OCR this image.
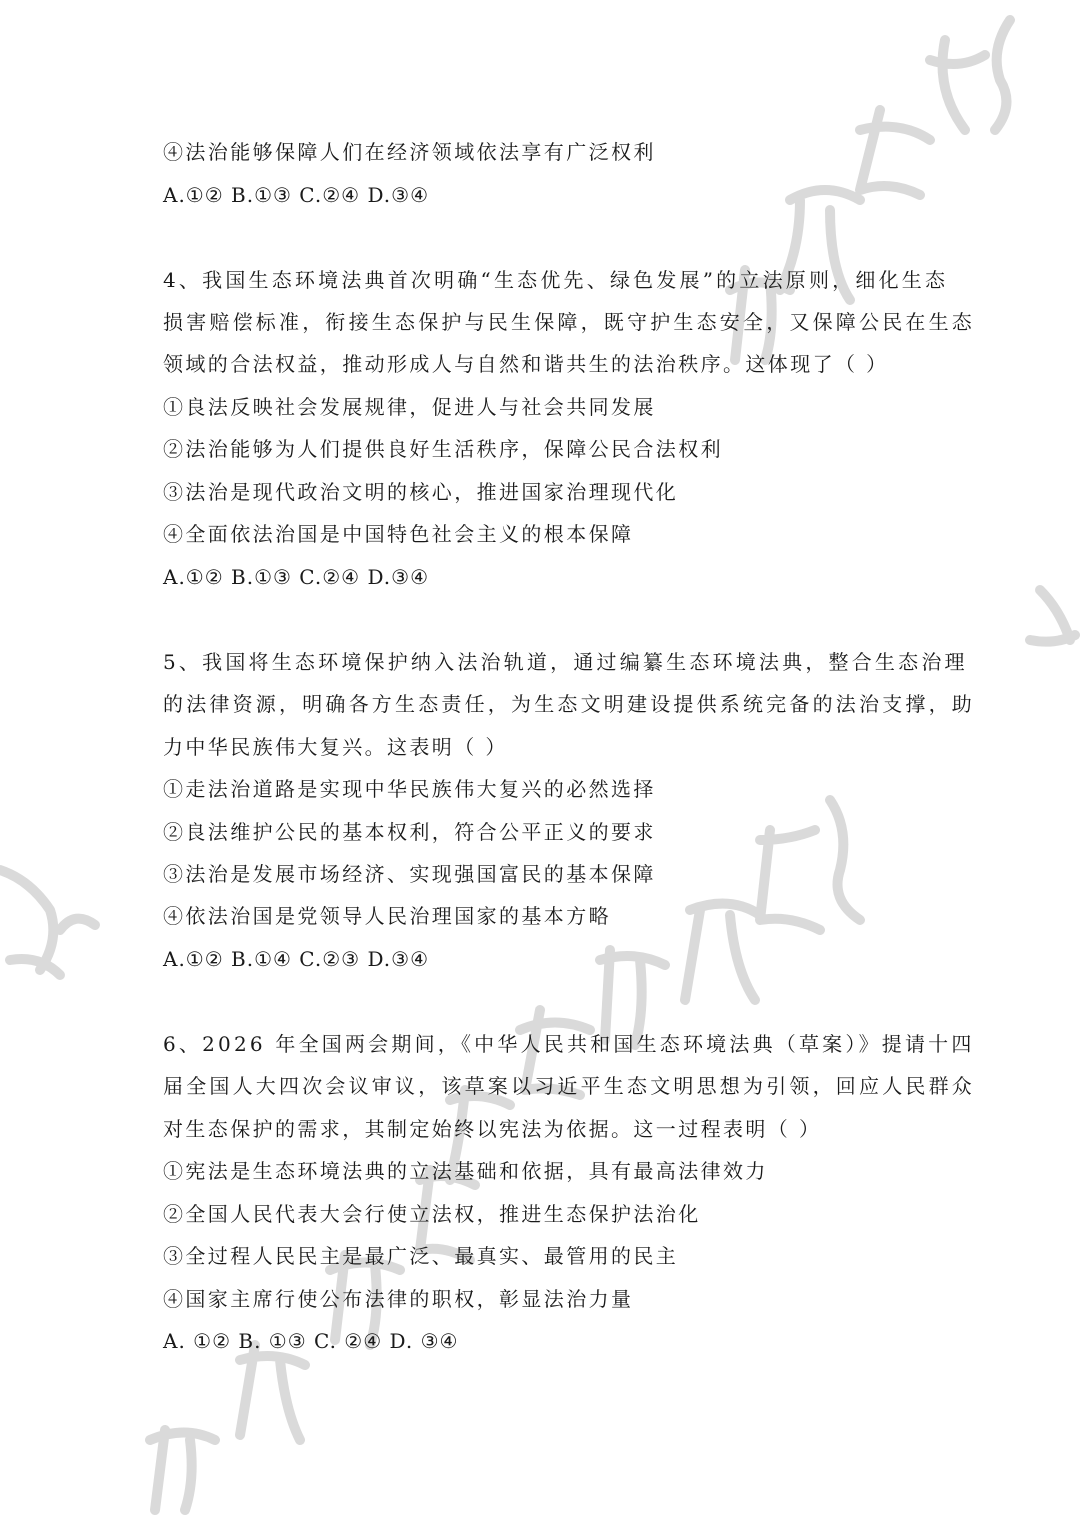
④法治能够保障人们在经济领域依法享有广泛权利
A.①② B.①③ C.②④ D.③④
4、我国生态环境法典首次明确“生态优先、绿色发展”的立法原则，细化生态
损害赔偿标准，衔接生态保护与民生保障，既守护生态安全，又保障公民在生态
领域的合法权益，推动形成人与自然和谐共生的法治秩序。这体现了（ ）
①良法反映社会发展规律，促进人与社会共同发展
②法治能够为人们提供良好生活秩序，保障公民合法权利
③法治是现代政治文明的核心，推进国家治理现代化
④全面依法治国是中国特色社会主义的根本保障
A.①② B.①③ C.②④ D.③④
5、我国将生态环境保护纳入法治轨道，通过编纂生态环境法典，整合生态治理
的法律资源，明确各方生态责任，为生态文明建设提供系统完备的法治支撑，助
力中华民族伟大复兴。这表明（ ）
①走法治道路是实现中华民族伟大复兴的必然选择
②良法维护公民的基本权利，符合公平正义的要求
③法治是发展市场经济、实现强国富民的基本保障
④依法治国是党领导人民治理国家的基本方略
A.①② B.①④ C.②③ D.③④
6、2026 年全国两会期间，《中华人民共和国生态环境法典（草案）》提请十四
届全国人大四次会议审议，该草案以习近平生态文明思想为引领，回应人民群众
对生态保护的需求，其制定始终以宪法为依据。这一过程表明（ ）
①宪法是生态环境法典的立法基础和依据，具有最高法律效力
②全国人民代表大会行使立法权，推进生态保护法治化
③全过程人民民主是最广泛、最真实、最管用的民主
④国家主席行使公布法律的职权，彰显法治力量
A. ①② B. ①③ C. ②④ D. ③④
